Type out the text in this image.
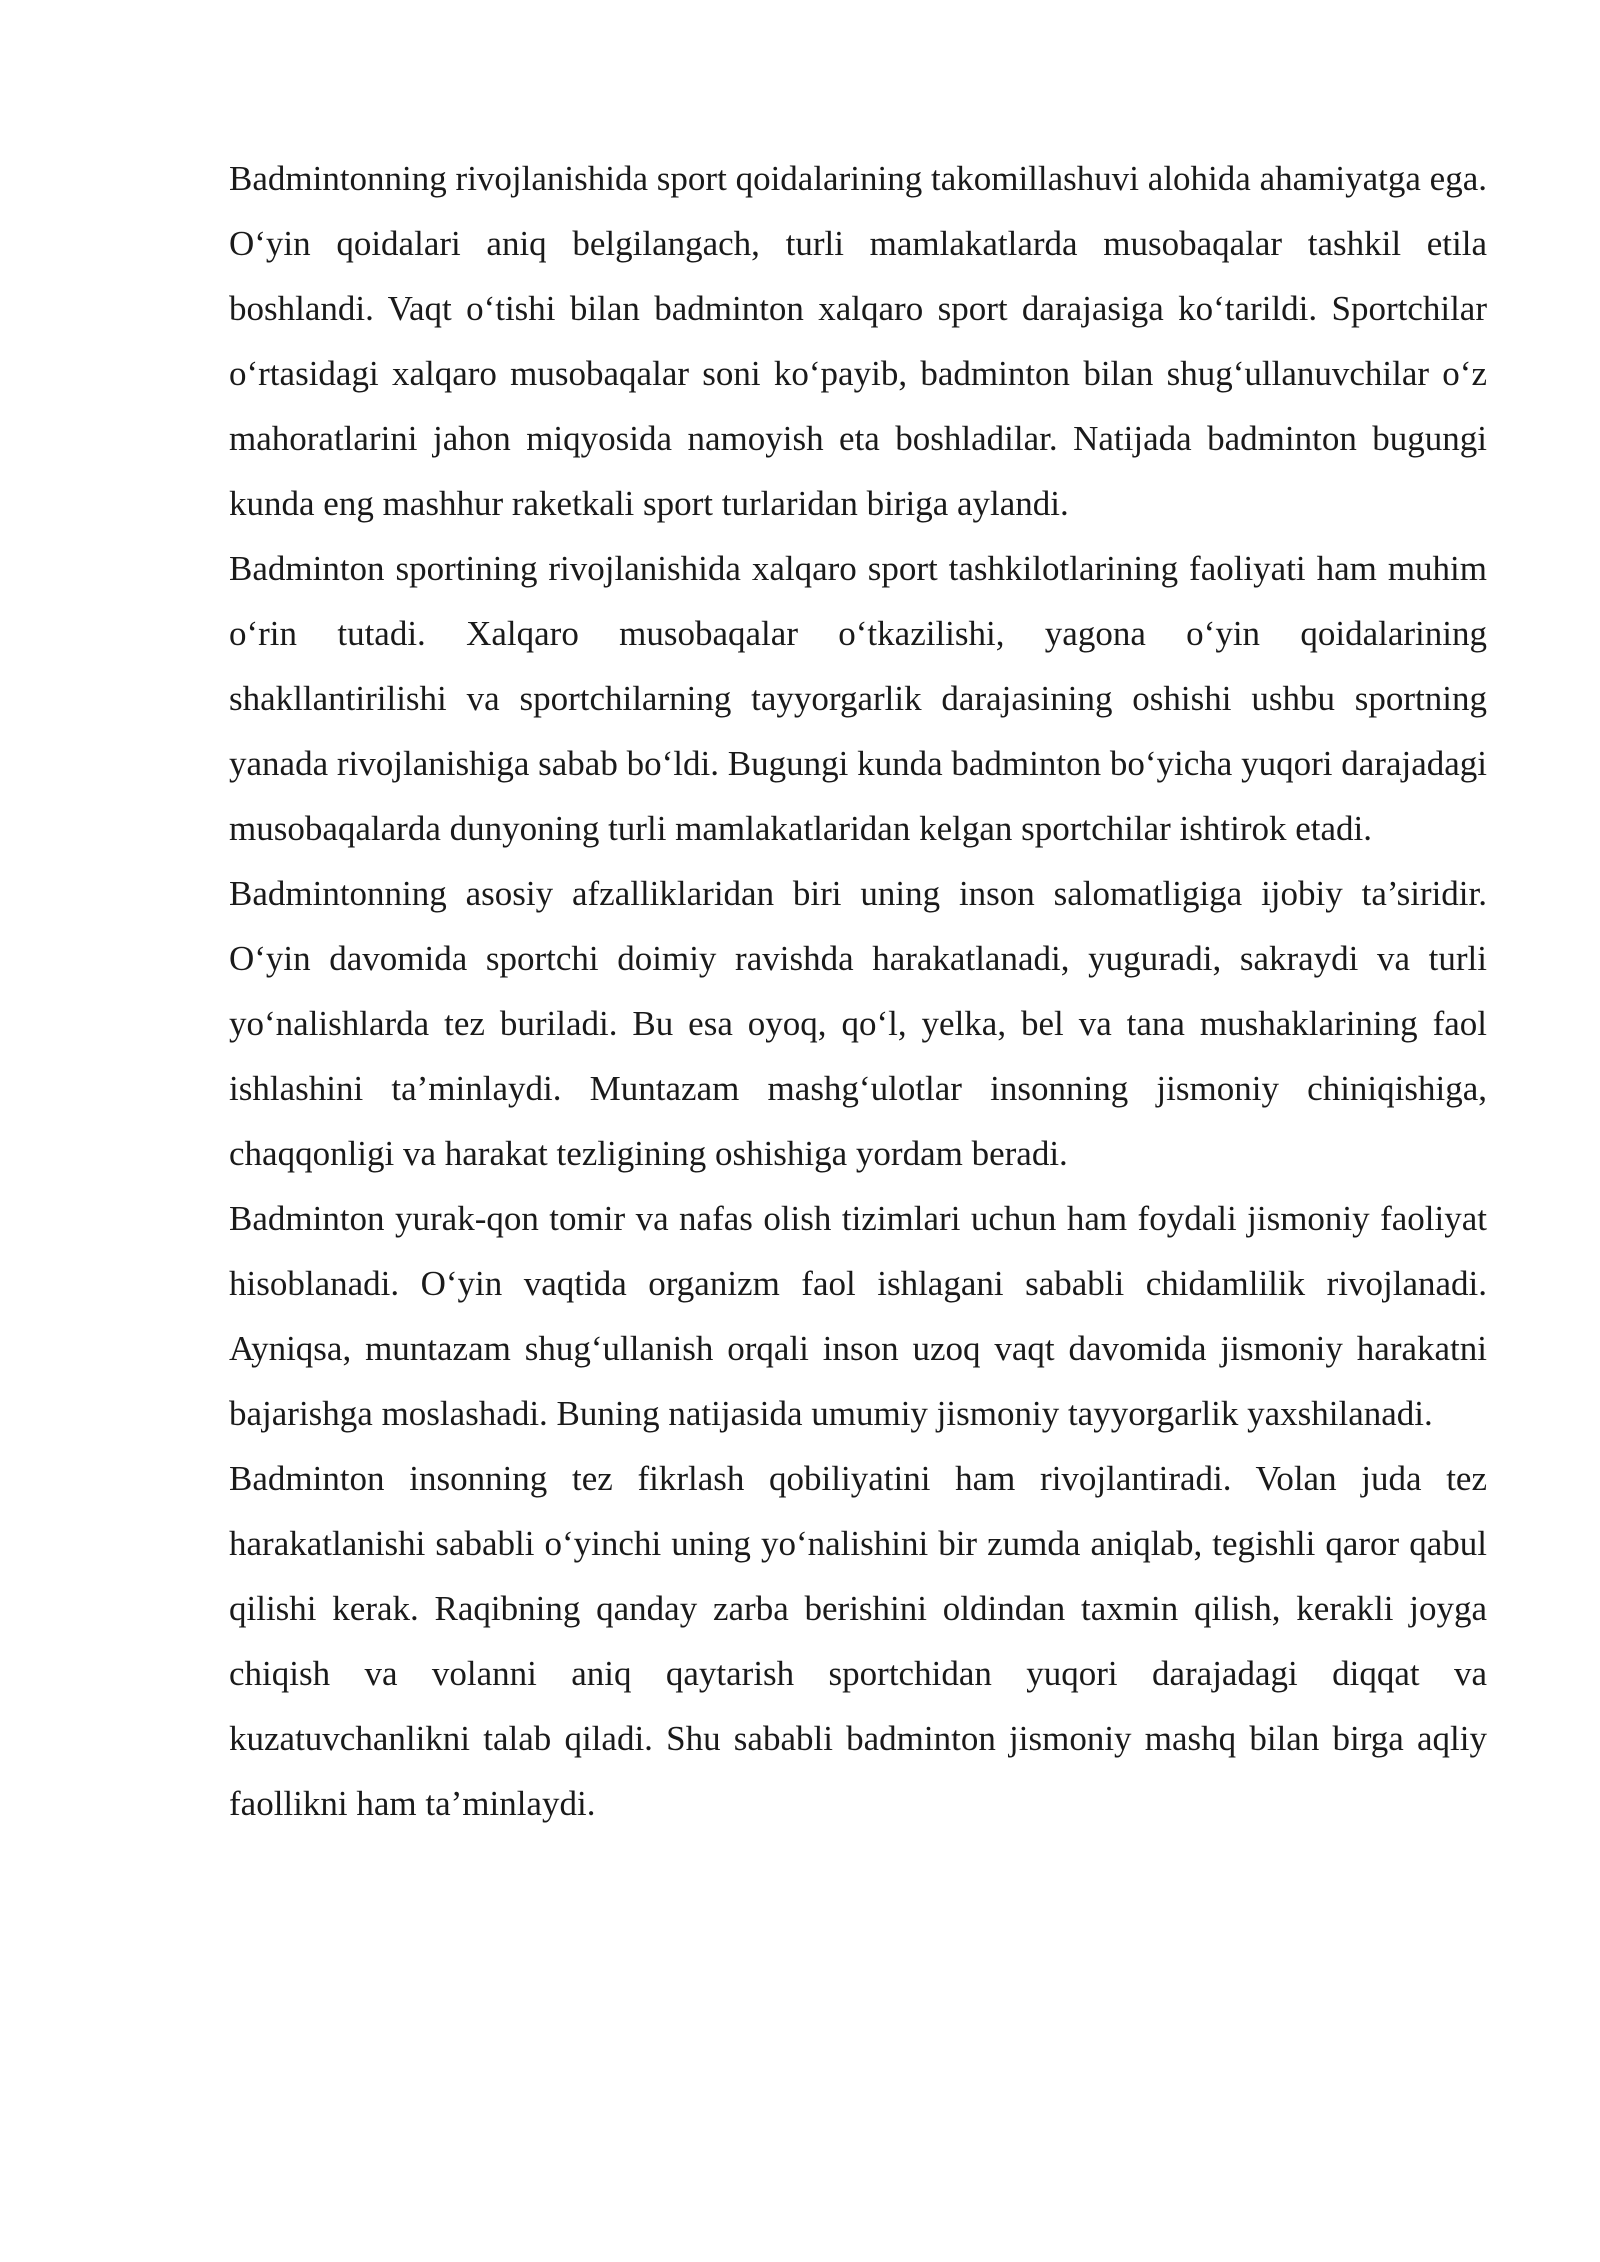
Badmintonning rivojlanishida sport qoidalarining takomillashuvi alohida ahamiyatga ega. O‘yin qoidalari aniq belgilangach, turli mamlakatlarda musobaqalar tashkil etila boshlandi. Vaqt o‘tishi bilan badminton xalqaro sport darajasiga ko‘tarildi. Sportchilar o‘rtasidagi xalqaro musobaqalar soni ko‘payib, badminton bilan shug‘ullanuvchilar o‘z mahoratlarini jahon miqyosida namoyish eta boshladilar. Natijada badminton bugungi kunda eng mashhur raketkali sport turlaridan biriga aylandi.

Badminton sportining rivojlanishida xalqaro sport tashkilotlarining faoliyati ham muhim o‘rin tutadi. Xalqaro musobaqalar o‘tkazilishi, yagona o‘yin qoidalarining shakllantirilishi va sportchilarning tayyorgarlik darajasining oshishi ushbu sportning yanada rivojlanishiga sabab bo‘ldi. Bugungi kunda badminton bo‘yicha yuqori darajadagi musobaqalarda dunyoning turli mamlakatlaridan kelgan sportchilar ishtirok etadi.

Badmintonning asosiy afzalliklaridan biri uning inson salomatligiga ijobiy ta’siridir. O‘yin davomida sportchi doimiy ravishda harakatlanadi, yuguradi, sakraydi va turli yo‘nalishlarda tez buriladi. Bu esa oyoq, qo‘l, yelka, bel va tana mushaklarining faol ishlashini ta’minlaydi. Muntazam mashg‘ulotlar insonning jismoniy chiniqishiga, chaqqonligi va harakat tezligining oshishiga yordam beradi.

Badminton yurak-qon tomir va nafas olish tizimlari uchun ham foydali jismoniy faoliyat hisoblanadi. O‘yin vaqtida organizm faol ishlagani sababli chidamlilik rivojlanadi. Ayniqsa, muntazam shug‘ullanish orqali inson uzoq vaqt davomida jismoniy harakatni bajarishga moslashadi. Buning natijasida umumiy jismoniy tayyorgarlik yaxshilanadi.

Badminton insonning tez fikrlash qobiliyatini ham rivojlantiradi. Volan juda tez harakatlanishi sababli o‘yinchi uning yo‘nalishini bir zumda aniqlab, tegishli qaror qabul qilishi kerak. Raqibning qanday zarba berishini oldindan taxmin qilish, kerakli joyga chiqish va volanni aniq qaytarish sportchidan yuqori darajadagi diqqat va kuzatuvchanlikni talab qiladi. Shu sababli badminton jismoniy mashq bilan birga aqliy faollikni ham ta’minlaydi.
